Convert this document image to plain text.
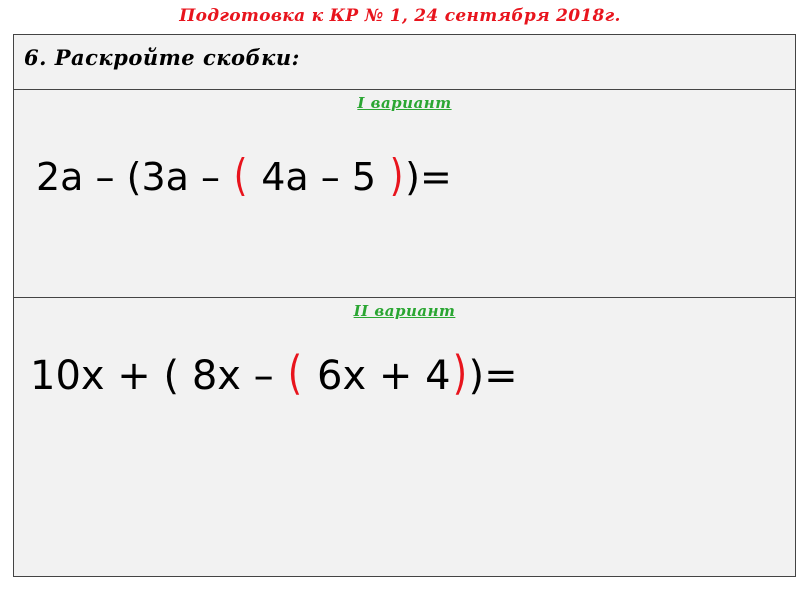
Подготовка к КР № 1, 24 сентября 2018г.
6. Раскройте скобки:
I вариант
2a – (3a – ( 4a – 5 ))=
II вариант
10x + ( 8x – ( 6x + 4))=
